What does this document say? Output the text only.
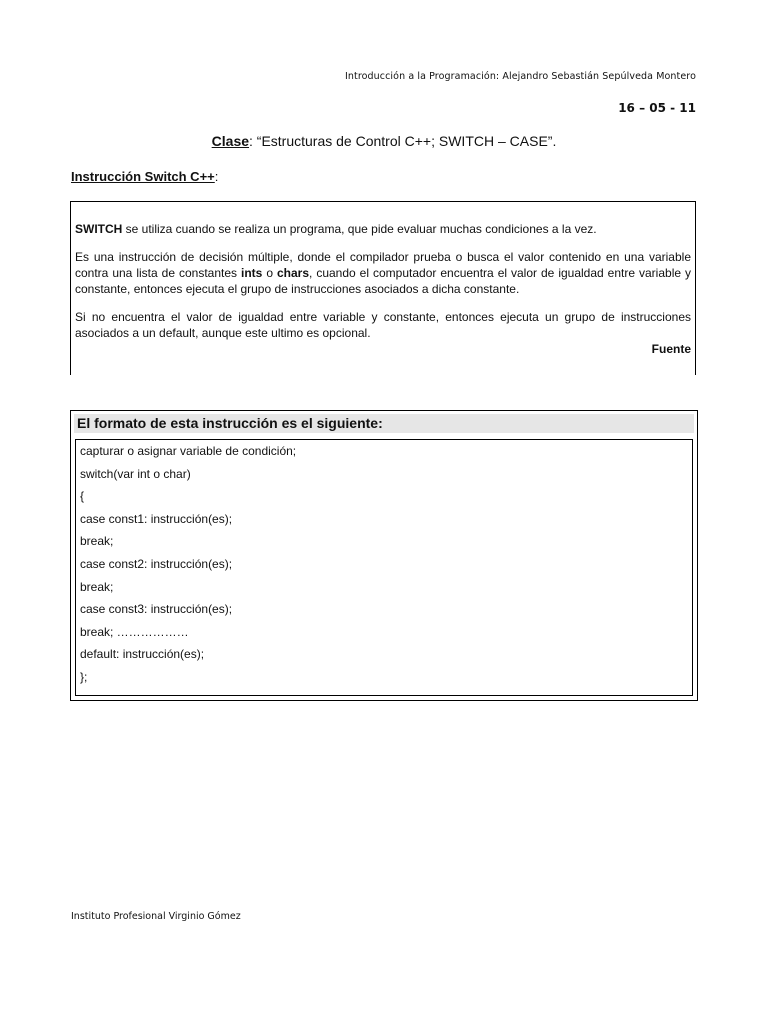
Introducción a la Programación: Alejandro Sebastián Sepúlveda Montero
16 – 05 - 11
Clase: “Estructuras de Control C++; SWITCH – CASE”.
Instrucción Switch C++:

SWITCH se utiliza cuando se realiza un programa, que pide evaluar muchas condiciones a la vez.

Es una instrucción de decisión múltiple, donde el compilador prueba o busca el valor contenido en una variable contra una lista de constantes ints o chars, cuando el computador encuentra el valor de igualdad entre variable y constante, entonces ejecuta el grupo de instrucciones asociados a dicha constante.

Si no encuentra el valor de igualdad entre variable y constante, entonces ejecuta un grupo de instrucciones asociados a un default, aunque este ultimo es opcional.

Fuente
El formato de esta instrucción es el siguiente:
capturar o asignar variable de condición;
switch(var int o char)
{
case const1: instrucción(es);
break;
case const2: instrucción(es);
break;
case const3: instrucción(es);
break; ………………
default: instrucción(es);
};
Instituto Profesional Virginio Gómez
